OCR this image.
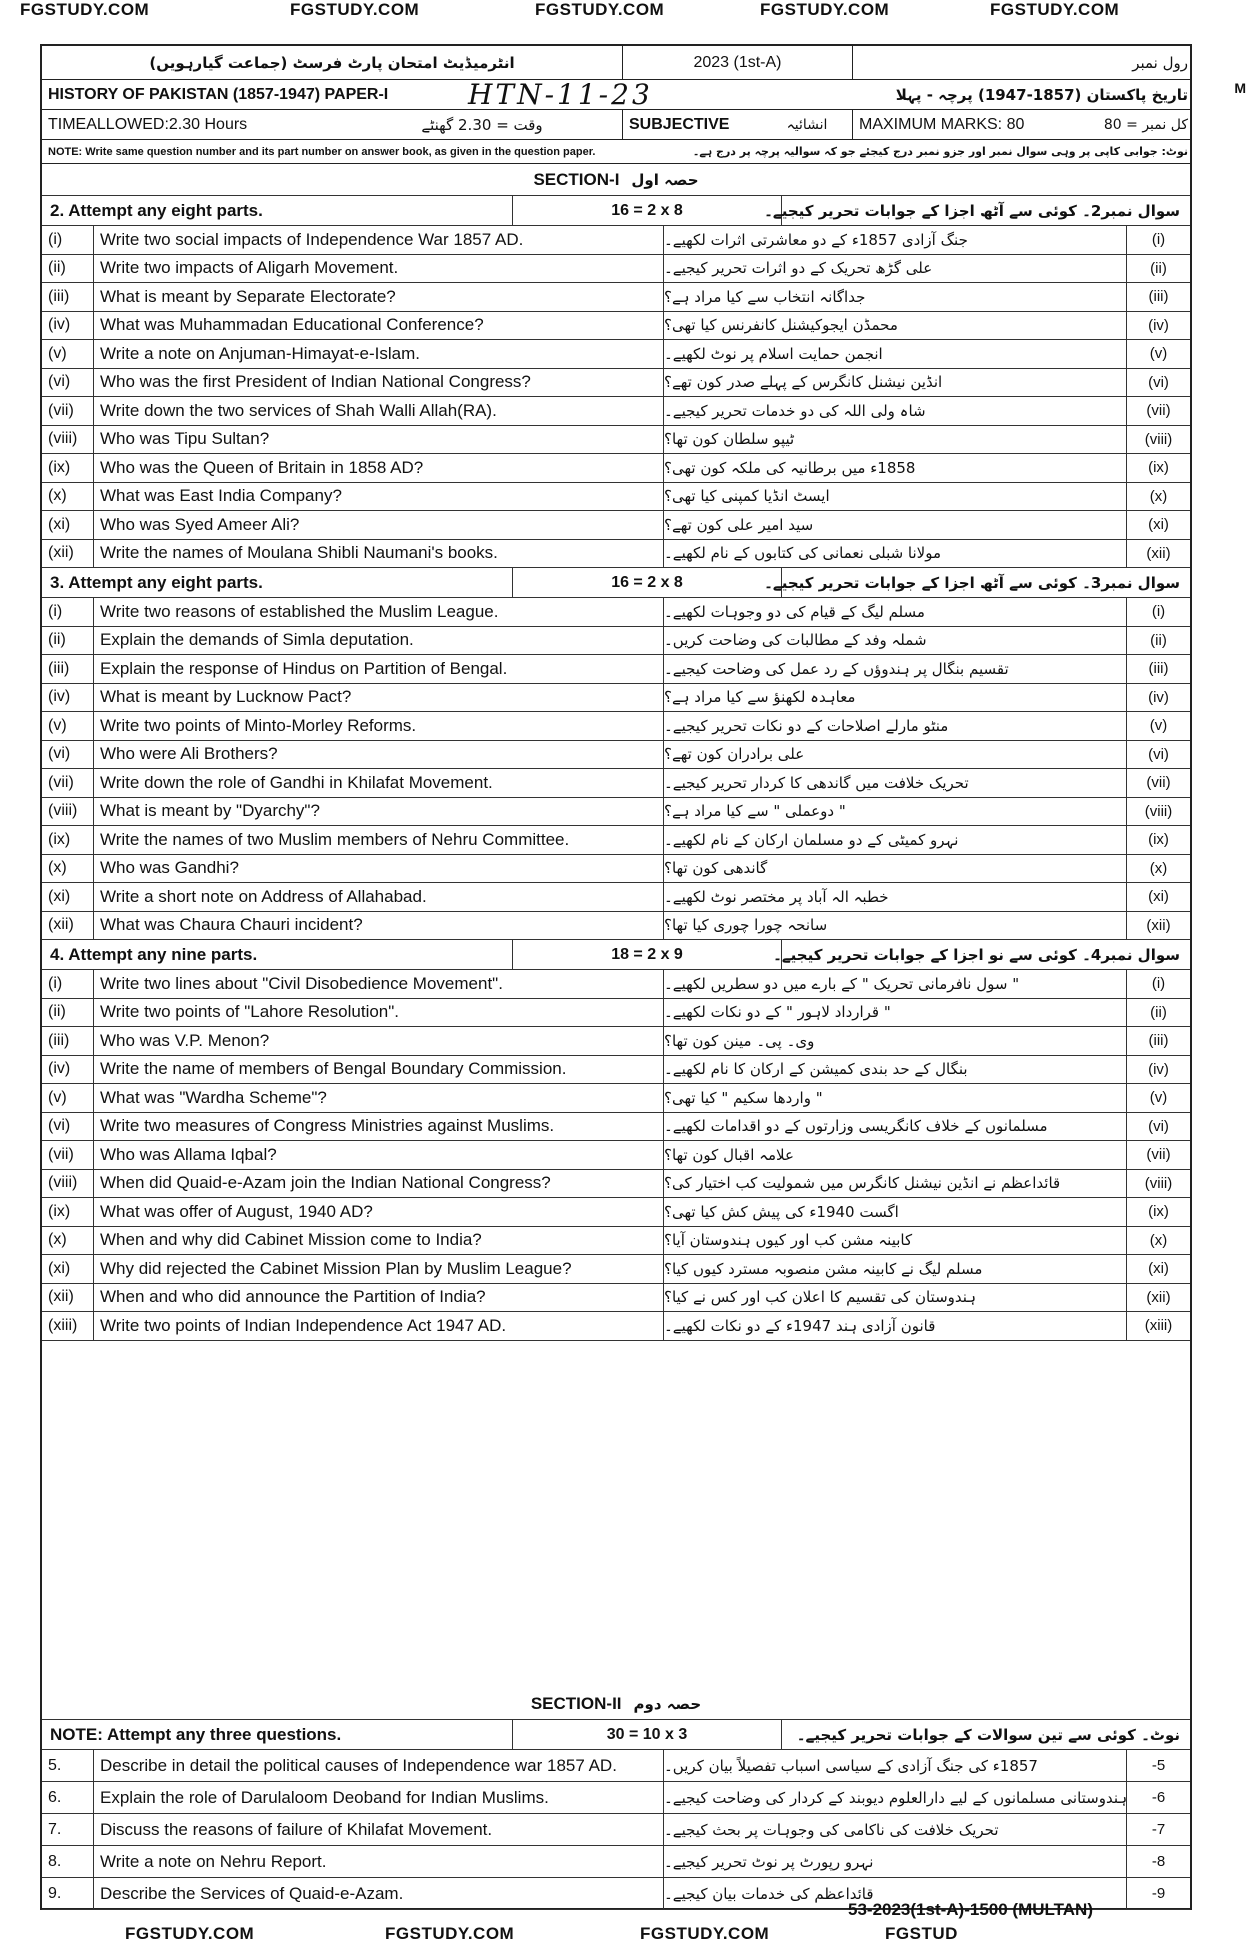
FGSTUDY.COM	FGSTUDY.COM	FGSTUDY.COM	FGSTUDY.COM	FGSTUDY.COM
FGSTUDY.COM	FGSTUDY.COM	FGSTUDY.COM	FGSTUD
M
انٹرمیڈیٹ امتحان پارٹ فرسٹ (جماعت گیارہویں)	2023 (1st-A)	رول نمبر
HISTORY OF PAKISTAN (1857-1947) PAPER-I	HTN-11-23	تاریخ پاکستان (1857-1947) پرچہ - پہلا
TIMEALLOWED:2.30 Hours	وقت = 2.30 گھنٹے	SUBJECTIVE	انشائیہ	MAXIMUM MARKS: 80	کل نمبر = 80
NOTE: Write same question number and its part number on answer book, as given in the question paper.	نوٹ: جوابی کاپی پر وہی سوال نمبر اور جزو نمبر درج کیجئے جو کہ سوالیہ پرچہ پر درج ہے۔
SECTION-I حصہ اول
2. Attempt any eight parts.	16 = 2 x 8	سوال نمبر2۔ کوئی سے آٹھ اجزا کے جوابات تحریر کیجیے۔
(i)	Write two social impacts of Independence War 1857 AD.	جنگ آزادی 1857ء کے دو معاشرتی اثرات لکھیے۔	(i)
(ii)	Write two impacts of Aligarh Movement.	علی گڑھ تحریک کے دو اثرات تحریر کیجیے۔	(ii)
(iii)	What is meant by Separate Electorate?	جداگانہ انتخاب سے کیا مراد ہے؟	(iii)
(iv)	What was Muhammadan Educational Conference?	محمڈن ایجوکیشنل کانفرنس کیا تھی؟	(iv)
(v)	Write a note on Anjuman-Himayat-e-Islam.	انجمن حمایت اسلام پر نوٹ لکھیے۔	(v)
(vi)	Who was the first President of Indian National Congress?	انڈین نیشنل کانگرس کے پہلے صدر کون تھے؟	(vi)
(vii)	Write down the two services of Shah Walli Allah(RA).	شاہ ولی اللہ کی دو خدمات تحریر کیجیے۔	(vii)
(viii)	Who was Tipu Sultan?	ٹیپو سلطان کون تھا؟	(viii)
(ix)	Who was the Queen of Britain in 1858 AD?	1858ء میں برطانیہ کی ملکہ کون تھی؟	(ix)
(x)	What was East India Company?	ایسٹ انڈیا کمپنی کیا تھی؟	(x)
(xi)	Who was Syed Ameer Ali?	سید امیر علی کون تھے؟	(xi)
(xii)	Write the names of Moulana Shibli Naumani's books.	مولانا شبلی نعمانی کی کتابوں کے نام لکھیے۔	(xii)
3. Attempt any eight parts.	16 = 2 x 8	سوال نمبر3۔ کوئی سے آٹھ اجزا کے جوابات تحریر کیجیے۔
(i)	Write two reasons of established the Muslim League.	مسلم لیگ کے قیام کی دو وجوہات لکھیے۔	(i)
(ii)	Explain the demands of Simla deputation.	شملہ وفد کے مطالبات کی وضاحت کریں۔	(ii)
(iii)	Explain the response of Hindus on Partition of Bengal.	تقسیم بنگال پر ہندوؤں کے رد عمل کی وضاحت کیجیے۔	(iii)
(iv)	What is meant by Lucknow Pact?	معاہدہ لکھنؤ سے کیا مراد ہے؟	(iv)
(v)	Write two points of Minto-Morley Reforms.	منٹو مارلے اصلاحات کے دو نکات تحریر کیجیے۔	(v)
(vi)	Who were Ali Brothers?	علی برادران کون تھے؟	(vi)
(vii)	Write down the role of Gandhi in Khilafat Movement.	تحریک خلافت میں گاندھی کا کردار تحریر کیجیے۔	(vii)
(viii)	What is meant by "Dyarchy"?	" دوعملی " سے کیا مراد ہے؟	(viii)
(ix)	Write the names of two Muslim members of Nehru Committee.	نہرو کمیٹی کے دو مسلمان ارکان کے نام لکھیے۔	(ix)
(x)	Who was Gandhi?	گاندھی کون تھا؟	(x)
(xi)	Write a short note on Address of Allahabad.	خطبہ الہ آباد پر مختصر نوٹ لکھیے۔	(xi)
(xii)	What was Chaura Chauri incident?	سانحہ چورا چوری کیا تھا؟	(xii)
4. Attempt any nine parts.	18 = 2 x 9	سوال نمبر4۔ کوئی سے نو اجزا کے جوابات تحریر کیجیے۔
(i)	Write two lines about "Civil Disobedience Movement".	" سول نافرمانی تحریک " کے بارے میں دو سطریں لکھیے۔	(i)
(ii)	Write two points of "Lahore Resolution".	" قرارداد لاہور " کے دو نکات لکھیے۔	(ii)
(iii)	Who was V.P. Menon?	وی۔ پی۔ مینن کون تھا؟	(iii)
(iv)	Write the name of members of Bengal Boundary Commission.	بنگال کے حد بندی کمیشن کے ارکان کا نام لکھیے۔	(iv)
(v)	What was "Wardha Scheme"?	" واردھا سکیم " کیا تھی؟	(v)
(vi)	Write two measures of Congress Ministries against Muslims.	مسلمانوں کے خلاف کانگریسی وزارتوں کے دو اقدامات لکھیے۔	(vi)
(vii)	Who was Allama Iqbal?	علامہ اقبال کون تھا؟	(vii)
(viii)	When did Quaid-e-Azam join the Indian National Congress?	قائداعظم نے انڈین نیشنل کانگرس میں شمولیت کب اختیار کی؟	(viii)
(ix)	What was offer of August, 1940 AD?	اگست 1940ء کی پیش کش کیا تھی؟	(ix)
(x)	When and why did Cabinet Mission come to India?	کابینہ مشن کب اور کیوں ہندوستان آیا؟	(x)
(xi)	Why did rejected the Cabinet Mission Plan by Muslim League?	مسلم لیگ نے کابینہ مشن منصوبہ مسترد کیوں کیا؟	(xi)
(xii)	When and who did announce the Partition of India?	ہندوستان کی تقسیم کا اعلان کب اور کس نے کیا؟	(xii)
(xiii)	Write two points of Indian Independence Act 1947 AD.	قانون آزادی ہند 1947ء کے دو نکات لکھیے۔	(xiii)
SECTION-II حصہ دوم
NOTE: Attempt any three questions.	30 = 10 x 3	نوٹ۔ کوئی سے تین سوالات کے جوابات تحریر کیجیے۔
5.	Describe in detail the political causes of Independence war 1857 AD.	1857ء کی جنگ آزادی کے سیاسی اسباب تفصیلاً بیان کریں۔	-5
6.	Explain the role of Darulaloom Deoband for Indian Muslims.	ہندوستانی مسلمانوں کے لیے دارالعلوم دیوبند کے کردار کی وضاحت کیجیے۔	-6
7.	Discuss the reasons of failure of Khilafat Movement.	تحریک خلافت کی ناکامی کی وجوہات پر بحث کیجیے۔	-7
8.	Write a note on Nehru Report.	نہرو رپورٹ پر نوٹ تحریر کیجیے۔	-8
9.	Describe the Services of Quaid-e-Azam.	قائداعظم کی خدمات بیان کیجیے۔	-9
53-2023(1st-A)-1500 (MULTAN)
